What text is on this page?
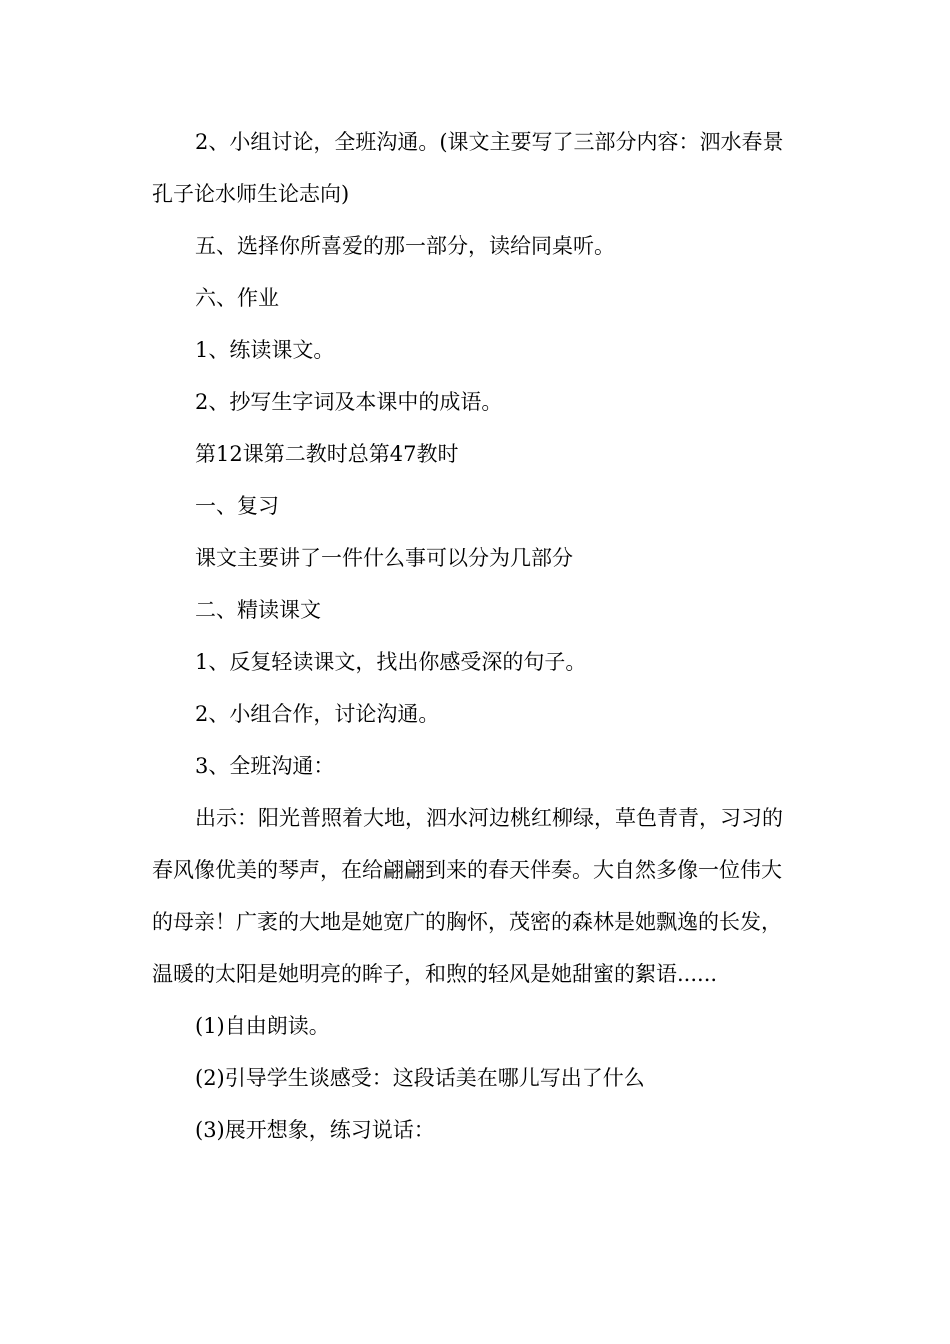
2、小组讨论，全班沟通。(课文主要写了三部分内容：泗水春景孔子论水师生论志向)

五、选择你所喜爱的那一部分，读给同桌听。

六、作业

1、练读课文。

2、抄写生字词及本课中的成语。

第12课第二教时总第47教时

一、复习

课文主要讲了一件什么事可以分为几部分

二、精读课文

1、反复轻读课文，找出你感受深的句子。

2、小组合作，讨论沟通。

3、全班沟通：

出示：阳光普照着大地，泗水河边桃红柳绿，草色青青，习习的春风像优美的琴声，在给翩翩到来的春天伴奏。大自然多像一位伟大的母亲！广袤的大地是她宽广的胸怀，茂密的森林是她飘逸的长发，温暖的太阳是她明亮的眸子，和煦的轻风是她甜蜜的絮语......

(1)自由朗读。

(2)引导学生谈感受：这段话美在哪儿写出了什么

(3)展开想象，练习说话：
